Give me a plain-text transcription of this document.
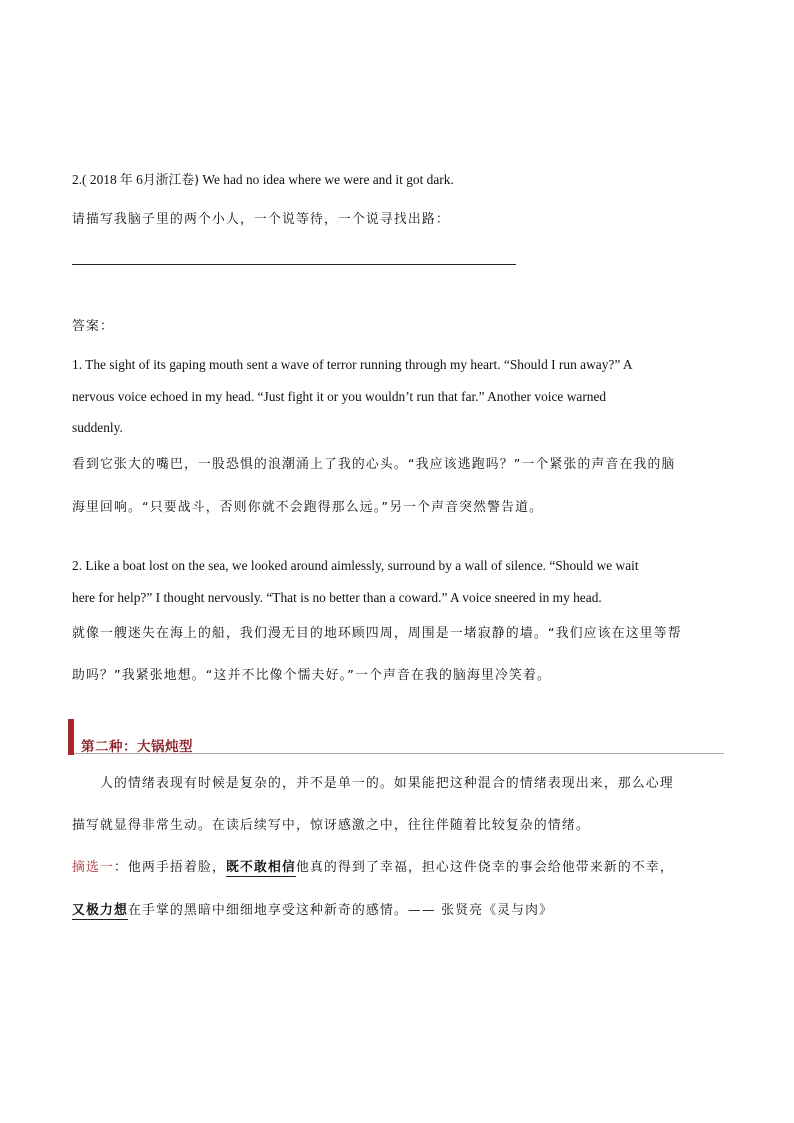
2.( 2018 年 6月浙江卷) We had no idea where we were and it got dark.
请描写我脑子里的两个小人，一个说等待，一个说寻找出路：
答案：
1. The sight of its gaping mouth sent a wave of terror running through my heart. “Should I run away?” A
nervous voice echoed in my head. “Just fight it or you wouldn’t run that far.” Another voice warned
suddenly.
看到它张大的嘴巴，一股恐惧的浪潮涌上了我的心头。“我应该逃跑吗？”一个紧张的声音在我的脑
海里回响。“只要战斗，否则你就不会跑得那么远。”另一个声音突然警告道。
2. Like a boat lost on the sea, we looked around aimlessly, surround by a wall of silence. “Should we wait
here for help?” I thought nervously. “That is no better than a coward.” A voice sneered in my head.
就像一艘迷失在海上的船，我们漫无目的地环顾四周，周围是一堵寂静的墙。“我们应该在这里等帮
助吗？”我紧张地想。“这并不比像个懦夫好。”一个声音在我的脑海里冷笑着。
第二种：大锅炖型
人的情绪表现有时候是复杂的，并不是单一的。如果能把这种混合的情绪表现出来，那么心理
描写就显得非常生动。在读后续写中，惊讶感激之中，往往伴随着比较复杂的情绪。
摘选一：他两手捂着脸，既不敢相信他真的得到了幸福，担心这件侥幸的事会给他带来新的不幸，
又极力想在手掌的黑暗中细细地享受这种新奇的感情。—— 张贤亮《灵与肉》
